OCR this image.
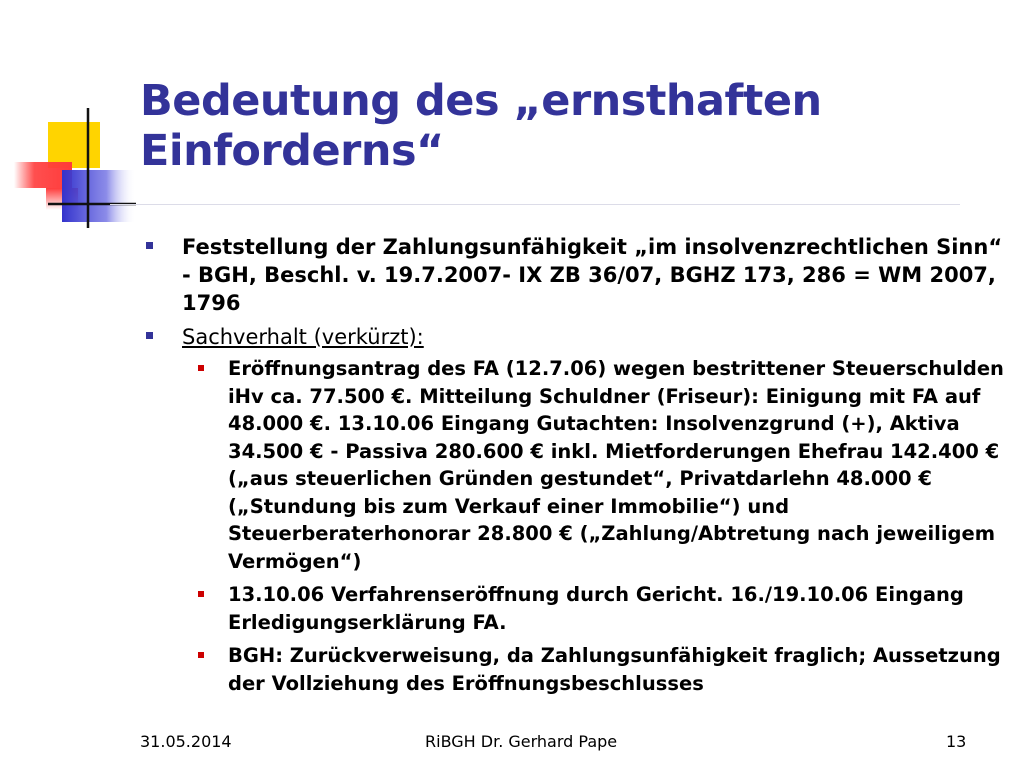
Bedeutung des „ernsthaften
Einforderns“
Feststellung der Zahlungsunfähigkeit „im insolvenzrechtlichen Sinn“ - BGH, Beschl. v. 19.7.2007- IX ZB 36/07, BGHZ 173, 286 = WM 2007, 1796
Sachverhalt (verkürzt):
Eröffnungsantrag des FA (12.7.06) wegen bestrittener Steuerschulden iHv ca. 77.500 €. Mitteilung Schuldner (Friseur): Einigung mit FA auf 48.000 €. 13.10.06 Eingang Gutachten: Insolvenzgrund (+), Aktiva 34.500 € - Passiva 280.600 € inkl. Mietforderungen Ehefrau 142.400 € („aus steuerlichen Gründen gestundet“, Privatdarlehn 48.000 € („Stundung bis zum Verkauf einer Immobilie“) und Steuerberaterhonorar 28.800 € („Zahlung/Abtretung nach jeweiligem Vermögen“)
13.10.06 Verfahrenseröffnung durch Gericht. 16./19.10.06 Eingang Erledigungserklärung FA.
BGH: Zurückverweisung, da Zahlungsunfähigkeit fraglich; Aussetzung der Vollziehung des Eröffnungsbeschlusses
31.05.2014	RiBGH Dr. Gerhard Pape	13
